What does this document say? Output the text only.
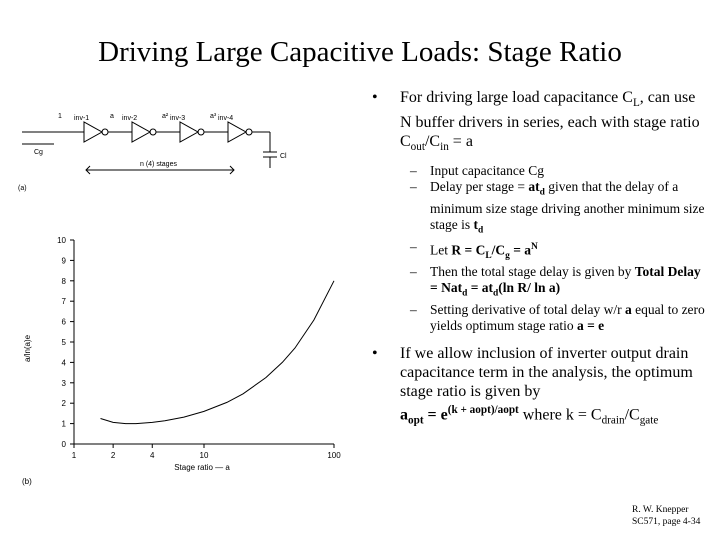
Driving Large Capacitive Loads: Stage Ratio
1	a	a²	a³
inv-1	inv-2	inv-3	inv-4
Cg
Cl
n (4) stages
(a)
0
1
2
3
4
5
6
7
8
9
10
1	2	4	10	100
a/ln(a)e
Stage ratio — a
(b)
• For driving large load capacitance $C_L$, can use N buffer drivers in series, each with stage ratio $C_{out}/C_{in} = a$
– Input capacitance Cg
– Delay per stage = $at_d$ given that the delay of a minimum size stage driving another minimum size stage is $t_d$
– Let $R = C_L/C_g = a^N$
– Then the total stage delay is given by Total Delay = $Nat_d = at_d(\ln$ R/ ln a)
– Setting derivative of total delay w/r a equal to zero yields optimum stage ratio a = e
• If we allow inclusion of inverter output drain capacitance term in the analysis, the optimum stage ratio is given by
$a_{opt} = e^{(k + aopt)/aopt}$ where $k = C_{drain}/C_{gate}$
R. W. Knepper
SC571, page 4-34
